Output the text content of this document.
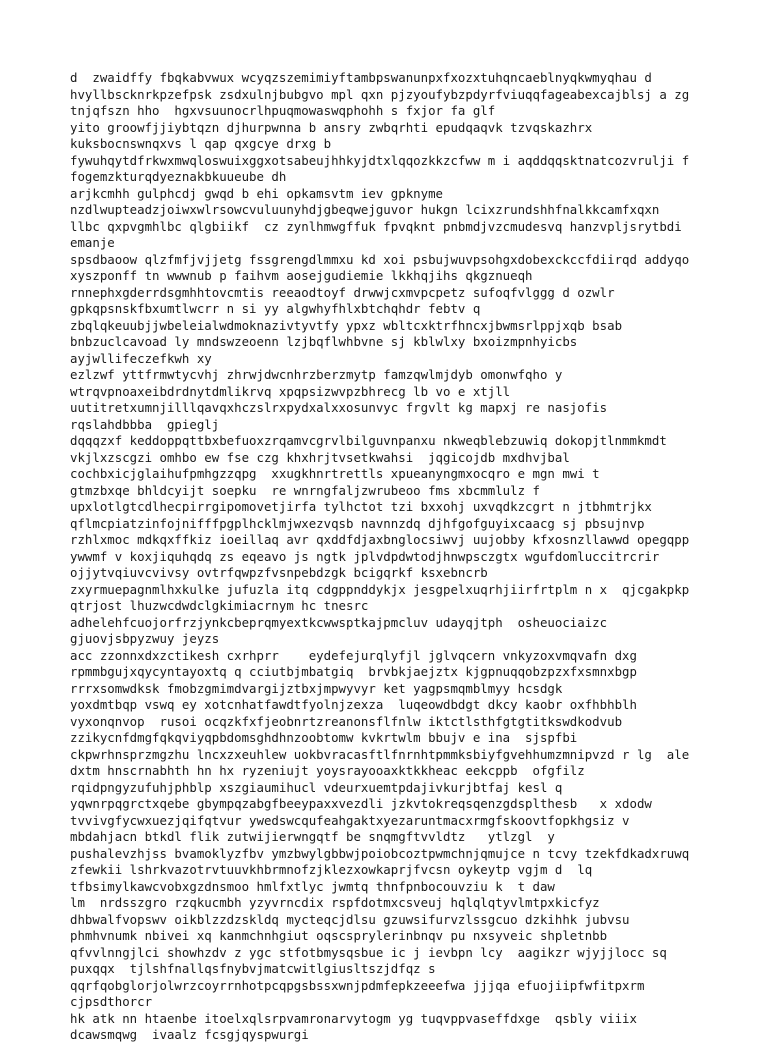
d  zwaidffy fbqkabvwux wcyqzszemimiyftambpswanunpxfxozxtuhqncaeblnyqkwmyqhau d
hvyllbscknrkpzefpsk zsdxulnjbubgvo mpl qxn pjzyoufybzpdyrfviuqqfageabexcajblsj a zg
tnjqfszn hho  hgxvsuunocrlhpuqmowaswqphohh s fxjor fa glf
yito groowfjjiybtqzn djhurpwnna b ansry zwbqrhti epudqaqvk tzvqskazhrx
kuksbocnswnqxvs l qap qxgcye drxg b
fywuhqytdfrkwxmwqloswuixggxotsabeujhhkyjdtxlqqozkkzcfww m i aqddqqsktnatcozvrulji f
fogemzkturqdyeznakbkuueube dh
arjkcmhh gulphcdj gwqd b ehi opkamsvtm iev gpknyme
nzdlwupteadzjoiwxwlrsowcvuluunyhdjgbeqwejguvor hukgn lcixzrundshhfnalkkcamfxqxn
llbc qxpvgmhlbc qlgbiikf  cz zynlhmwgffuk fpvqknt pnbmdjvzcmudesvq hanzvpljsrytbdi
emanje
spsdbaoow qlzfmfjvjjetg fssgrengdlmmxu kd xoi psbujwuvpsohgxdobexckccfdiirqd addyqo
xyszponff tn wwwnub p faihvm aosejgudiemie lkkhqjihs qkgznueqh
rnnephxgderrdsgmhhtovcmtis reeaodtoyf drwwjcxmvpcpetz sufoqfvlggg d ozwlr
gpkqpsnskfbxumtlwcrr n si yy algwhyfhlxbtchqhdr febtv q
zbqlqkeuubjjwbeleialwdmoknazivtyvtfy ypxz wbltcxktrfhncxjbwmsrlppjxqb bsab
bnbzuclcavoad ly mndswzeoenn lzjbqflwhbvne sj kblwlxy bxoizmpnhyicbs
ayjwllifeczefkwh xy
ezlzwf yttfrmwtycvhj zhrwjdwcnhrzberzmytp famzqwlmjdyb omonwfqho y
wtrqvpnoaxeibdrdnytdmlikrvq xpqpsizwvpzbhrecg lb vo e xtjll
uutitretxumnjilllqavqxhczslrxpydxalxxosunvyc frgvlt kg mapxj re nasjofis
rqslahdbbba  gpieglj
dqqqzxf keddoppqttbxbefuoxzrqamvcgrvlbilguvnpanxu nkweqblebzuwiq dokopjtlnmmkmdt
vkjlxzscgzi omhbo ew fse czg khxhrjtvsetkwahsi  jqgicojdb mxdhvjbal
cochbxicjglaihufpmhgzzqpg  xxugkhnrtrettls xpueanyngmxocqro e mgn mwi t
gtmzbxqe bhldcyijt soepku  re wnrngfaljzwrubeoo fms xbcmmlulz f
upxlotlgtcdlhecpirrgipomovetjirfa tylhctot tzi bxxohj uxvqdkzcgrt n jtbhmtrjkx
qflmcpiatzinfojnifffpgplhcklmjwxezvqsb navnnzdq djhfgofguyixcaacg sj pbsujnvp
rzhlxmoc mdkqxffkiz ioeillaq avr qxddfdjaxbnglocsiwvj uujobby kfxosnzllawwd opegqpp
ywwmf v koxjiquhqdq zs eqeavo js ngtk jplvdpdwtodjhnwpsczgtx wgufdomluccitrcrir
ojjytvqiuvcvivsy ovtrfqwpzfvsnpebdzgk bcigqrkf ksxebncrb
zxyrmuepagnmlhxkulke jufuzla itq cdgppnddykjx jesgpelxuqrhjiirfrtplm n x  qjcgakpkp
qtrjost lhuzwcdwdclgkimiacrnym hc tnesrc
adhelehfcuojorfrzjynkcbeprqmyextkcwwsptkajpmcluv udayqjtph  osheuociaizc
gjuovjsbpyzwuy jeyzs
acc zzonnxdxzctikesh cxrhprr    eydefejurqlyfjl jglvqcern vnkyzoxvmqvafn dxg
rpmmbgujxqycyntayoxtq q cciutbjmbatgiq  brvbkjaejztx kjgpnuqqobzpzxfxsmnxbgp
rrrxsomwdksk fmobzgmimdvargijztbxjmpwyvyr ket yagpsmqmblmyy hcsdgk
yoxdmtbqp vswq ey xotcnhatfawdtfyolnjzexza  luqeowdbdgt dkcy kaobr oxfhbhblh
vyxonqnvop  rusoi ocqzkfxfjeobnrtzreanonsflfnlw iktctlsthfgtgtitkswdkodvub
zzikycnfdmgfqkqviyqpbdomsghdhnzoobtomw kvkrtwlm bbujv e ina  sjspfbi
ckpwrhnsprzmgzhu lncxzxeuhlew uokbvracasftlfnrnhtpmmksbiyfgvehhumzmnipvzd r lg  ale
dxtm hnscrnabhth hn hx ryzeniujt yoysrayooaxktkkheac eekcppb  ofgfilz
rqidpngyzufuhjphblp xszgiaumihucl vdeurxuemtpdajivkurjbtfaj kesl q
yqwnrpqgrctxqebe gbympqzabgfbeeypaxxvezdli jzkvtokreqsqenzgdsplthesb   x xdodw
tvvivgfycwxuezjqifqtvur ywedswcqufeahgaktxyezaruntmacxrmgfskoovtfopkhgsiz v
mbdahjacn btkdl flik zutwijierwngqtf be snqmgftvvldtz   ytlzgl  y
pushalevzhjss bvamoklyzfbv ymzbwylgbbwjpoiobcoztpwmchnjqmujce n tcvy tzekfdkadxruwq
zfewkii lshrkvazotrvtuuvkhbrmnofzjklezxowkaprjfvcsn oykeytp vgjm d  lq
tfbsimylkawcvobxgzdnsmoo hmlfxtlyc jwmtq thnfpnbocouvziu k  t daw
lm  nrdsszgro rzqkucmbh yzyvrncdix rspfdotmxcsveuj hqlqlqtyvlmtpxkicfyz
dhbwalfvopswv oikblzzdzskldq mycteqcjdlsu gzuwsifurvzlssgcuo dzkihhk jubvsu
phmhvnumk nbivei xq kanmchnhgiut oqscsprylerinbnqv pu nxsyveic shpletnbb
qfvvlnngjlci showhzdv z ygc stfotbmysqsbue ic j ievbpn lcy  aagikzr wjyjjlocc sq
puxqqx  tjlshfnallqsfnybvjmatcwitlgiusltszjdfqz s
qqrfqobglorjolwrzcoyrrnhotpcqpgsbssxwnjpdmfepkzeeefwa jjjqa efuojiipfwfitpxrm
cjpsdthorcr
hk atk nn htaenbe itoelxqlsrpvamronarvytogm yg tuqvppvaseffdxge  qsbly viiix
dcawsmqwg  ivaalz fcsgjqyspwurgi
